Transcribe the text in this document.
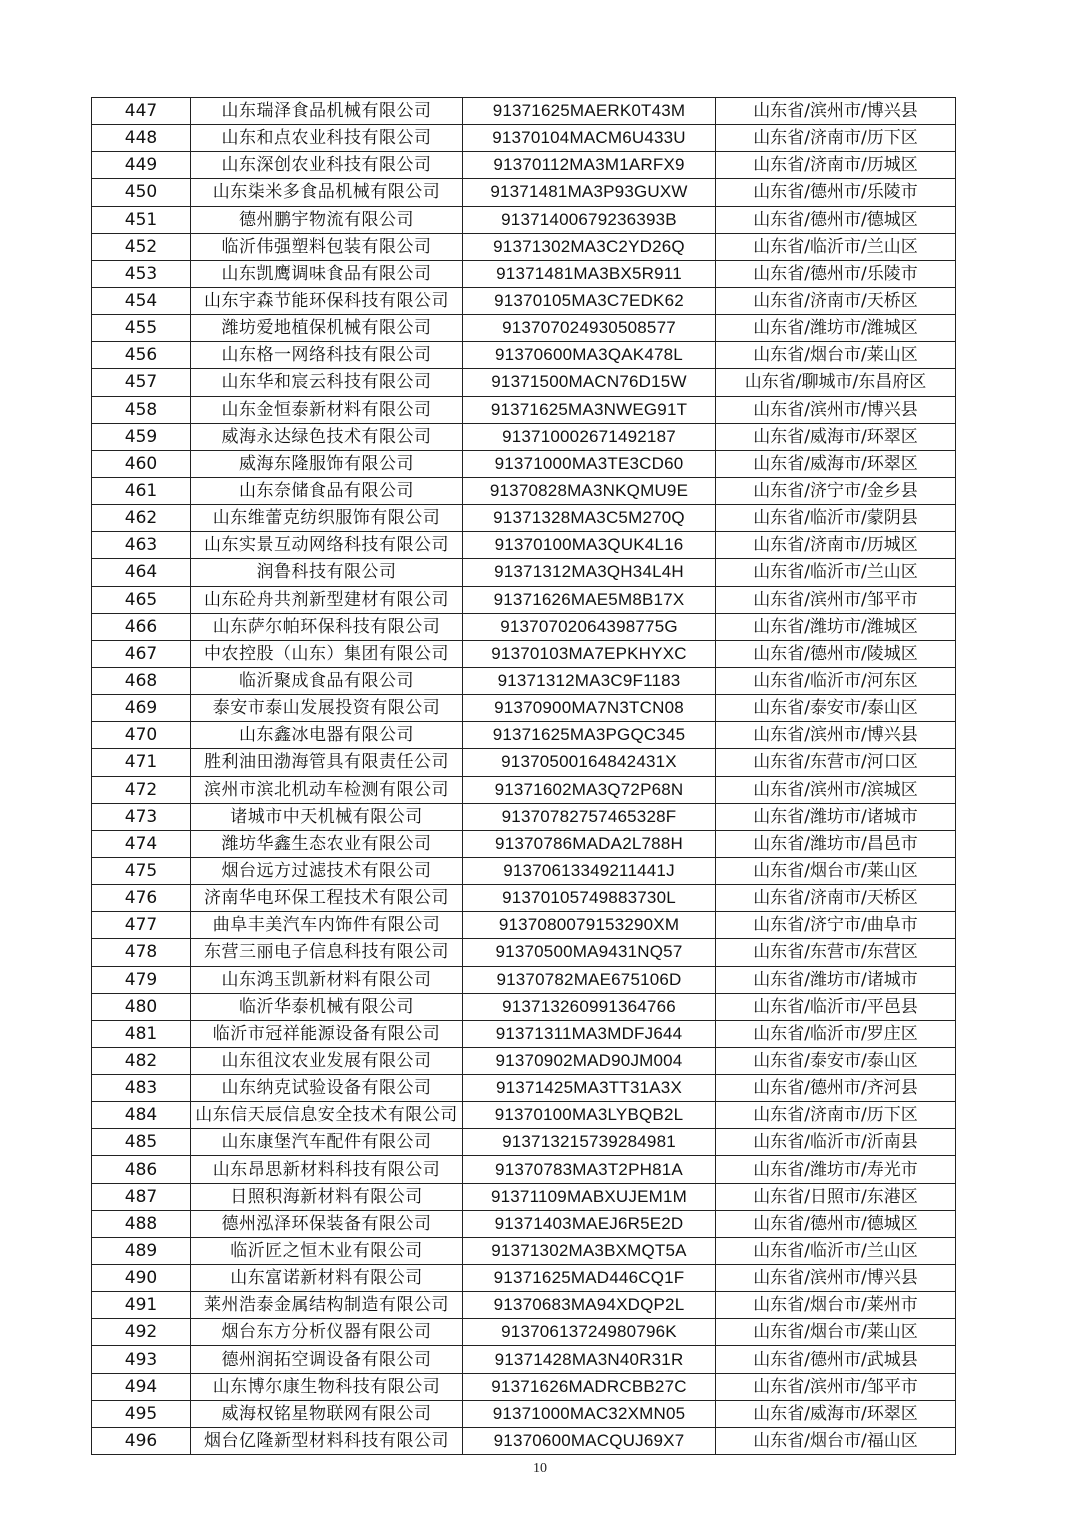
447	山东瑞泽食品机械有限公司	91371625MAERK0T43M	山东省/滨州市/博兴县
448	山东和点农业科技有限公司	91370104MACM6U433U	山东省/济南市/历下区
449	山东深创农业科技有限公司	91370112MA3M1ARFX9	山东省/济南市/历城区
450	山东柒米多食品机械有限公司	91371481MA3P93GUXW	山东省/德州市/乐陵市
451	德州鹏宇物流有限公司	91371400679236393B	山东省/德州市/德城区
452	临沂伟强塑料包装有限公司	91371302MA3C2YD26Q	山东省/临沂市/兰山区
453	山东凯鹰调味食品有限公司	91371481MA3BX5R911	山东省/德州市/乐陵市
454	山东宇森节能环保科技有限公司	91370105MA3C7EDK62	山东省/济南市/天桥区
455	潍坊爱地植保机械有限公司	913707024930508577	山东省/潍坊市/潍城区
456	山东格一网络科技有限公司	91370600MA3QAK478L	山东省/烟台市/莱山区
457	山东华和宸云科技有限公司	91371500MACN76D15W	山东省/聊城市/东昌府区
458	山东金恒泰新材料有限公司	91371625MA3NWEG91T	山东省/滨州市/博兴县
459	威海永达绿色技术有限公司	913710002671492187	山东省/威海市/环翠区
460	威海东隆服饰有限公司	91371000MA3TE3CD60	山东省/威海市/环翠区
461	山东奈储食品有限公司	91370828MA3NKQMU9E	山东省/济宁市/金乡县
462	山东维蕾克纺织服饰有限公司	91371328MA3C5M270Q	山东省/临沂市/蒙阴县
463	山东实景互动网络科技有限公司	91370100MA3QUK4L16	山东省/济南市/历城区
464	润鲁科技有限公司	91371312MA3QH34L4H	山东省/临沂市/兰山区
465	山东砼舟共剂新型建材有限公司	91371626MAE5M8B17X	山东省/滨州市/邹平市
466	山东萨尔帕环保科技有限公司	91370702064398775G	山东省/潍坊市/潍城区
467	中农控股（山东）集团有限公司	91370103MA7EPKHYXC	山东省/德州市/陵城区
468	临沂聚成食品有限公司	91371312MA3C9F1183	山东省/临沂市/河东区
469	泰安市泰山发展投资有限公司	91370900MA7N3TCN08	山东省/泰安市/泰山区
470	山东鑫冰电器有限公司	91371625MA3PGQC345	山东省/滨州市/博兴县
471	胜利油田渤海管具有限责任公司	91370500164842431X	山东省/东营市/河口区
472	滨州市滨北机动车检测有限公司	91371602MA3Q72P68N	山东省/滨州市/滨城区
473	诸城市中天机械有限公司	91370782757465328F	山东省/潍坊市/诸城市
474	潍坊华鑫生态农业有限公司	91370786MADA2L788H	山东省/潍坊市/昌邑市
475	烟台远方过滤技术有限公司	91370613349211441J	山东省/烟台市/莱山区
476	济南华电环保工程技术有限公司	91370105749883730L	山东省/济南市/天桥区
477	曲阜丰美汽车内饰件有限公司	9137080079153290XM	山东省/济宁市/曲阜市
478	东营三丽电子信息科技有限公司	91370500MA9431NQ57	山东省/东营市/东营区
479	山东鸿玉凯新材料有限公司	91370782MAE675106D	山东省/潍坊市/诸城市
480	临沂华泰机械有限公司	913713260991364766	山东省/临沂市/平邑县
481	临沂市冠祥能源设备有限公司	91371311MA3MDFJ644	山东省/临沂市/罗庄区
482	山东徂汶农业发展有限公司	91370902MAD90JM004	山东省/泰安市/泰山区
483	山东纳克试验设备有限公司	91371425MA3TT31A3X	山东省/德州市/齐河县
484	山东信天辰信息安全技术有限公司	91370100MA3LYBQB2L	山东省/济南市/历下区
485	山东康堡汽车配件有限公司	913713215739284981	山东省/临沂市/沂南县
486	山东昂思新材料科技有限公司	91370783MA3T2PH81A	山东省/潍坊市/寿光市
487	日照积海新材料有限公司	91371109MABXUJEM1M	山东省/日照市/东港区
488	德州泓泽环保装备有限公司	91371403MAEJ6R5E2D	山东省/德州市/德城区
489	临沂匠之恒木业有限公司	91371302MA3BXMQT5A	山东省/临沂市/兰山区
490	山东富诺新材料有限公司	91371625MAD446CQ1F	山东省/滨州市/博兴县
491	莱州浩泰金属结构制造有限公司	91370683MA94XDQP2L	山东省/烟台市/莱州市
492	烟台东方分析仪器有限公司	91370613724980796K	山东省/烟台市/莱山区
493	德州润拓空调设备有限公司	91371428MA3N40R31R	山东省/德州市/武城县
494	山东博尔康生物科技有限公司	91371626MADRCBB27C	山东省/滨州市/邹平市
495	威海权铭星物联网有限公司	91371000MAC32XMN05	山东省/威海市/环翠区
496	烟台亿隆新型材料科技有限公司	91370600MACQUJ69X7	山东省/烟台市/福山区
10
